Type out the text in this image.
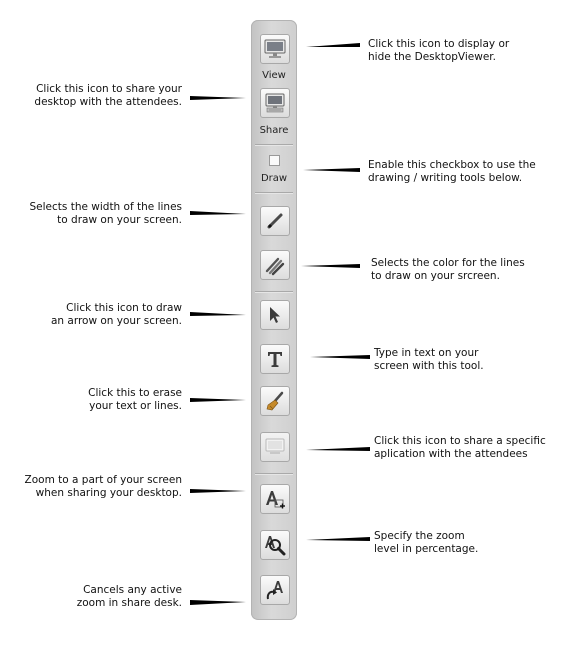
Click this icon to share your
desktop with the attendees.
Selects the width of the lines
to draw on your screen.
Click this icon to draw
an arrow on your screen.
Click this to erase
your text or lines.
Zoom to a part of your screen
when sharing your desktop.
Cancels any active
zoom in share desk.
Click this icon to display or
hide the DesktopViewer.
Enable this checkbox to use the
drawing / writing tools below.
Selects the color for the lines
to draw on your srcreen.
Type in text on your
screen with this tool.
Click this icon to share a specific
aplication with the attendees
Specify the zoom
level in percentage.
View
Share
Draw
